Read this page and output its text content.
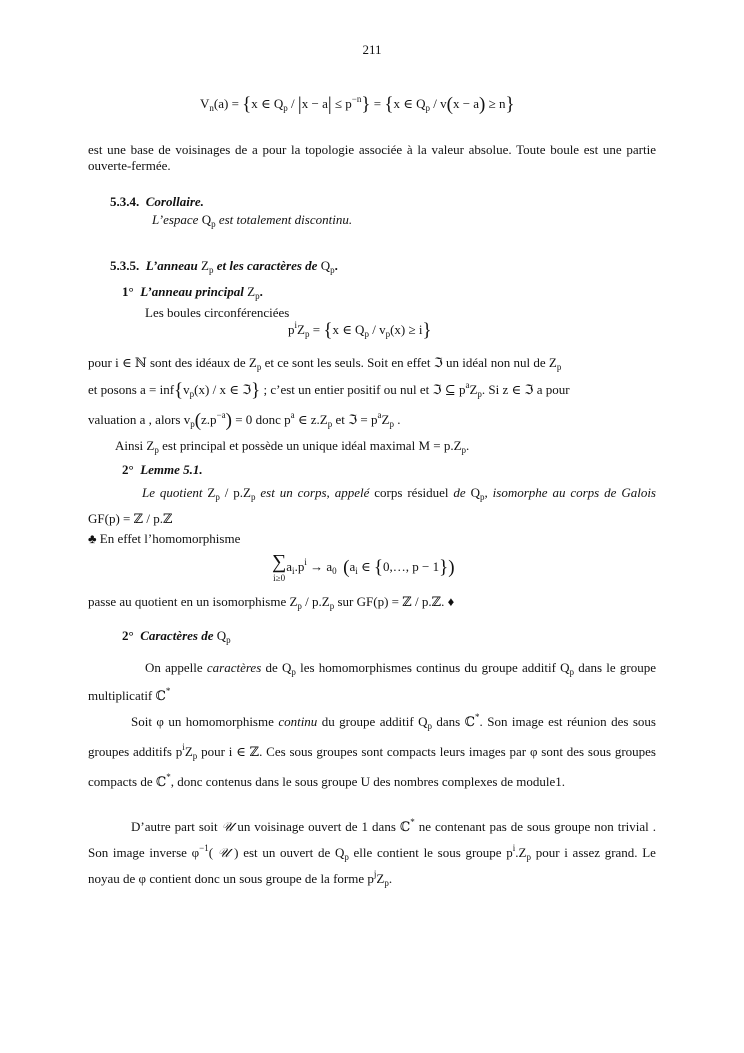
211
$V_n(a) = \{x$ ∈ $Q_p / |x - a| \le p^{-n}\} = \{x$ ∈ $Q_p / v(x - a) \ge n$}
est une base de voisinages de a pour la topologie associée à la valeur absolue. Toute boule est une partie ouverte-fermée.
5.3.4. Corollaire.
L’espace $Q_p$ est totalement discontinu.
5.3.5. L’anneau $Z_p$ et les caractères de $Q_p$.
1° L’anneau principal $Z_p$.
Les boules circonférenciées
$p^iZ_p = \{x$ ∈ $Q_p / v_p(x) \ge i$}
pour i ∈ ℕ sont des idéaux de $Z_p$ et ce sont les seuls. Soit en effet ℑ un idéal non nul de $Z_p$
et posons $a = inf\{v_p(x) / x$ ∈ ℑ} ; c’est un entier positif ou nul et ℑ ⊆ $p^aZ_p$. Si z ∈ ℑ a pour
valuation a , alors $v_p(z.p^{-a}) = 0$ donc $p^a$ ∈ $z.Z_p$ et ℑ = $p^aZ_p$ .
Ainsi $Z_p$ est principal et possède un unique idéal maximal $M = p.Z_p$.
2° Lemme 5.1.
Le quotient $Z_p / p.Z_p$ est un corps, appelé corps résiduel de $Q_p$, isomorphe au corps de Galois GF(p) = ℤ / p.ℤ
♣ En effet l’homomorphisme
∑
i≥0
$a_i.p^i \to a_0$ ($a_i$ ∈ {0,…, p − 1})
passe au quotient en un isomorphisme $Z_p / p.Z_p$ sur GF(p) = ℤ / p.ℤ. ♦
2° Caractères de $Q_p$
On appelle caractères de $Q_p$ les homomorphismes continus du groupe additif $Q_p$ dans le groupe multiplicatif ℂ*
Soit φ un homomorphisme continu du groupe additif $Q_p$ dans ℂ*. Son image est réunion des sous groupes additifs $p^iZ_p$ pour i ∈ ℤ. Ces sous groupes sont compacts leurs images par φ sont des sous groupes compacts de ℂ*, donc contenus dans le sous groupe U des nombres complexes de module1.
D’autre part soit 𝒰 un voisinage ouvert de 1 dans ℂ* ne contenant pas de sous groupe non trivial . Son image inverse $\varphi^{-1}$( 𝒰 ) est un ouvert de $Q_p$ elle contient le sous groupe $p^i.Z_p$ pour i assez grand. Le noyau de φ contient donc un sous groupe de la forme $p^jZ_p$.
